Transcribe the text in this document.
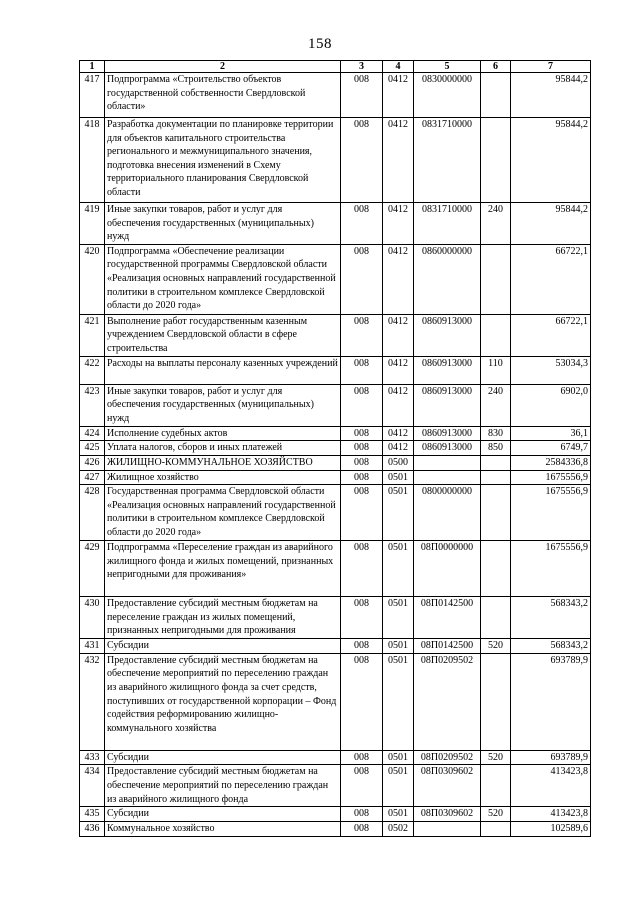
158
1	2	3	4	5	6	7
417	Подпрограмма «Строительство объектов государственной собственности Свердловской области»	008	0412	0830000000		95844,2
418	Разработка документации по планировке территории для объектов капитального строительства регионального и межмуниципального значения, подготовка внесения изменений в Схему территориального планирования Свердловской области	008	0412	0831710000		95844,2
419	Иные закупки товаров, работ и услуг для обеспечения государственных (муниципальных) нужд	008	0412	0831710000	240	95844,2
420	Подпрограмма «Обеспечение реализации государственной программы Свердловской области «Реализация основных направлений государственной политики в строительном комплексе Свердловской области до 2020 года»	008	0412	0860000000		66722,1
421	Выполнение работ государственным казенным учреждением Свердловской области в сфере строительства	008	0412	0860913000		66722,1
422	Расходы на выплаты персоналу казенных учреждений	008	0412	0860913000	110	53034,3
423	Иные закупки товаров, работ и услуг для обеспечения государственных (муниципальных) нужд	008	0412	0860913000	240	6902,0
424	Исполнение судебных актов	008	0412	0860913000	830	36,1
425	Уплата налогов, сборов и иных платежей	008	0412	0860913000	850	6749,7
426	ЖИЛИЩНО-КОММУНАЛЬНОЕ ХОЗЯЙСТВО	008	0500			2584336,8
427	Жилищное хозяйство	008	0501			1675556,9
428	Государственная программа Свердловской области «Реализация основных направлений государственной политики в строительном комплексе Свердловской области до 2020 года»	008	0501	0800000000		1675556,9
429	Подпрограмма «Переселение граждан из аварийного жилищного фонда и жилых помещений, признанных непригодными для проживания»	008	0501	08П0000000		1675556,9
430	Предоставление субсидий местным бюджетам на переселение граждан из жилых помещений, признанных непригодными для проживания	008	0501	08П0142500		568343,2
431	Субсидии	008	0501	08П0142500	520	568343,2
432	Предоставление субсидий местным бюджетам на обеспечение мероприятий по переселению граждан из аварийного жилищного фонда за счет средств, поступивших от государственной корпорации – Фонд содействия реформированию жилищно-коммунального хозяйства	008	0501	08П0209502		693789,9
433	Субсидии	008	0501	08П0209502	520	693789,9
434	Предоставление субсидий местным бюджетам на обеспечение мероприятий по переселению граждан из аварийного жилищного фонда	008	0501	08П0309602		413423,8
435	Субсидии	008	0501	08П0309602	520	413423,8
436	Коммунальное хозяйство	008	0502			102589,6
